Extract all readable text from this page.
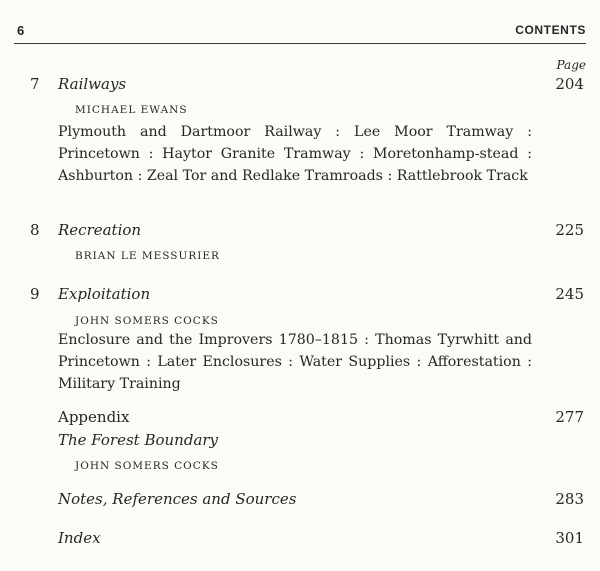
6	CONTENTS
Page
7 Railways	204
MICHAEL EWANS
Plymouth and Dartmoor Railway : Lee Moor Tramway : Princetown : Haytor Granite Tramway : Moretonhamp-stead : Ashburton : Zeal Tor and Redlake Tramroads : Rattlebrook Track
8 Recreation	225
BRIAN LE MESSURIER
9 Exploitation	245
JOHN SOMERS COCKS
Enclosure and the Improvers 1780–1815 : Thomas Tyrwhitt and Princetown : Later Enclosures : Water Supplies : Afforestation : Military Training
Appendix	277
The Forest Boundary
JOHN SOMERS COCKS
Notes, References and Sources	283
Index	301
